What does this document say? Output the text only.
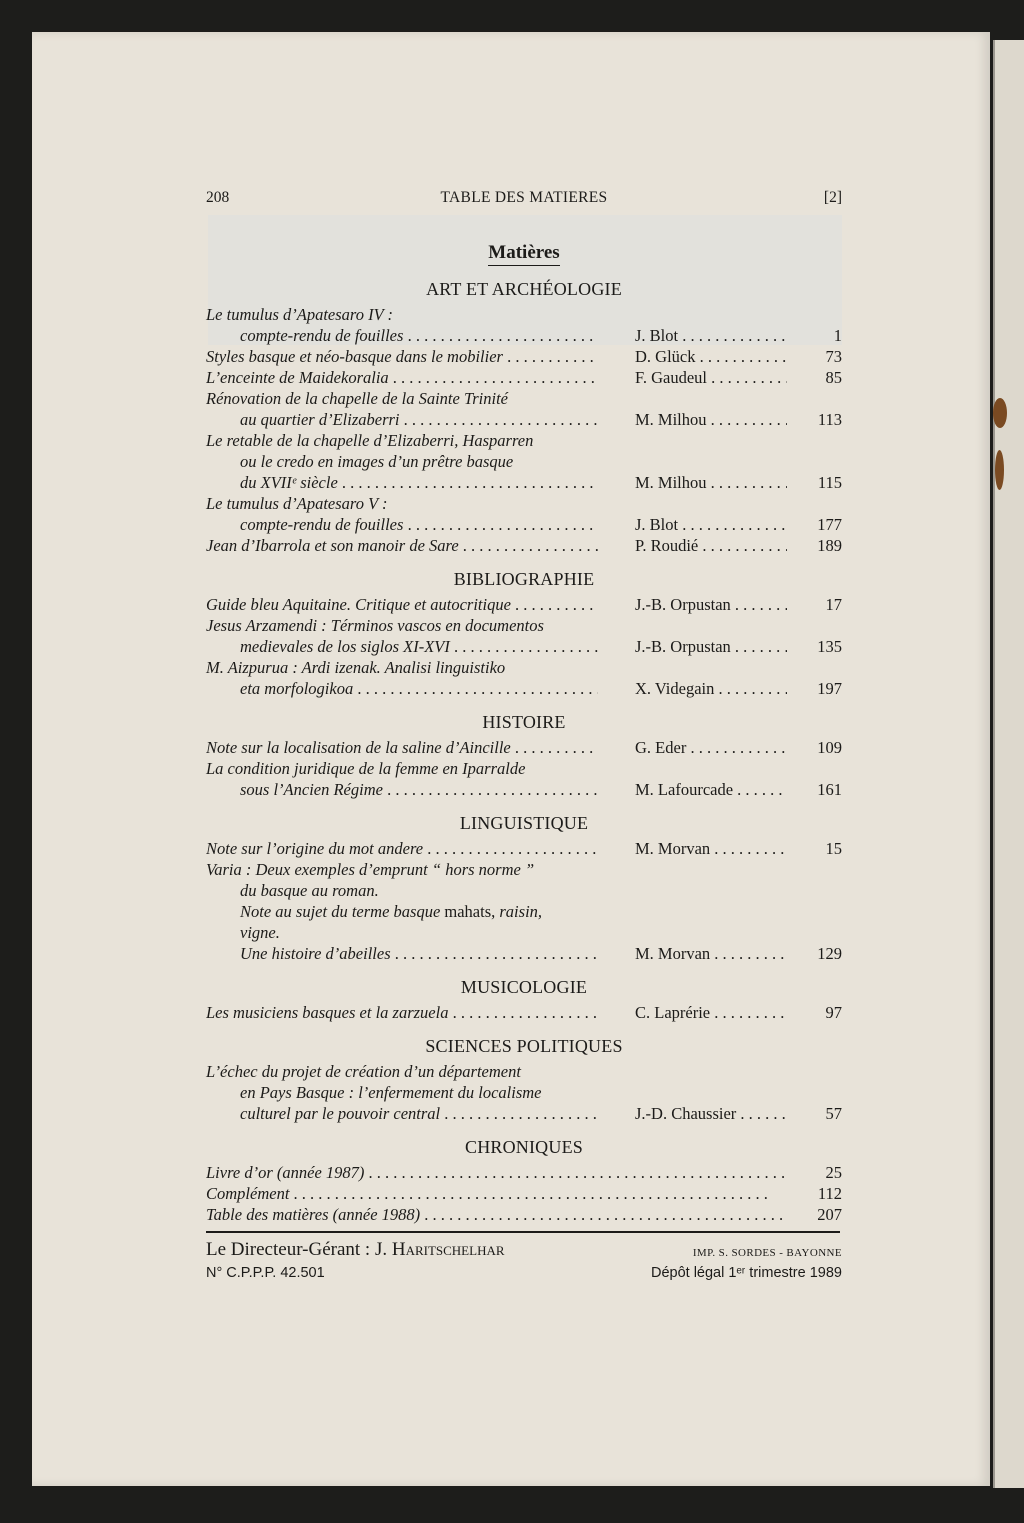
208	TABLE DES MATIERES	[2]
Matières
ART ET ARCHÉOLOGIE
Le tumulus d’Apatesaro IV :
compte-rendu de fouilles . . .	J. Blot . . .	1
Styles basque et néo-basque dans le mobilier . . .	D. Glück . . .	73
L’enceinte de Maidekoralia . . .	F. Gaudeul . . .	85
Rénovation de la chapelle de la Sainte Trinité
au quartier d’Elizaberri . . .	M. Milhou . . .	113
Le retable de la chapelle d’Elizaberri, Hasparren
ou le credo en images d’un prêtre basque
du XVIIᵉ siècle . . .	M. Milhou . . .	115
Le tumulus d’Apatesaro V :
compte-rendu de fouilles . . .	J. Blot . . .	177
Jean d’Ibarrola et son manoir de Sare . . .	P. Roudié . . .	189
BIBLIOGRAPHIE
Guide bleu Aquitaine. Critique et autocritique . . .	J.-B. Orpustan . . .	17
Jesus Arzamendi : Términos vascos en documentos
medievales de los siglos XI-XVI . . .	J.-B. Orpustan . . .	135
M. Aizpurua : Ardi izenak. Analisi linguistiko
eta morfologikoa . . .	X. Videgain . . .	197
HISTOIRE
Note sur la localisation de la saline d’Aincille . . .	G. Eder . . .	109
La condition juridique de la femme en Iparralde
sous l’Ancien Régime . . .	M. Lafourcade . . .	161
LINGUISTIQUE
Note sur l’origine du mot andere . . .	M. Morvan . . .	15
Varia : Deux exemples d’emprunt “ hors norme ”
du basque au roman.
Note au sujet du terme basque mahats, raisin,
vigne.
Une histoire d’abeilles . . .	M. Morvan . . .	129
MUSICOLOGIE
Les musiciens basques et la zarzuela . . .	C. Laprérie . . .	97
SCIENCES POLITIQUES
L’échec du projet de création d’un département
en Pays Basque : l’enfermement du localisme
culturel par le pouvoir central . . .	J.-D. Chaussier . . .	57
CHRONIQUES
Livre d’or (année 1987) . . .	25
Complément . . .	112
Table des matières (année 1988) . . .	207
Le Directeur-Gérant : J. Haritschelhar
N° C.P.P.P. 42.501
IMP. S. SORDES - BAYONNE
Dépôt légal 1ᵉʳ trimestre 1989
